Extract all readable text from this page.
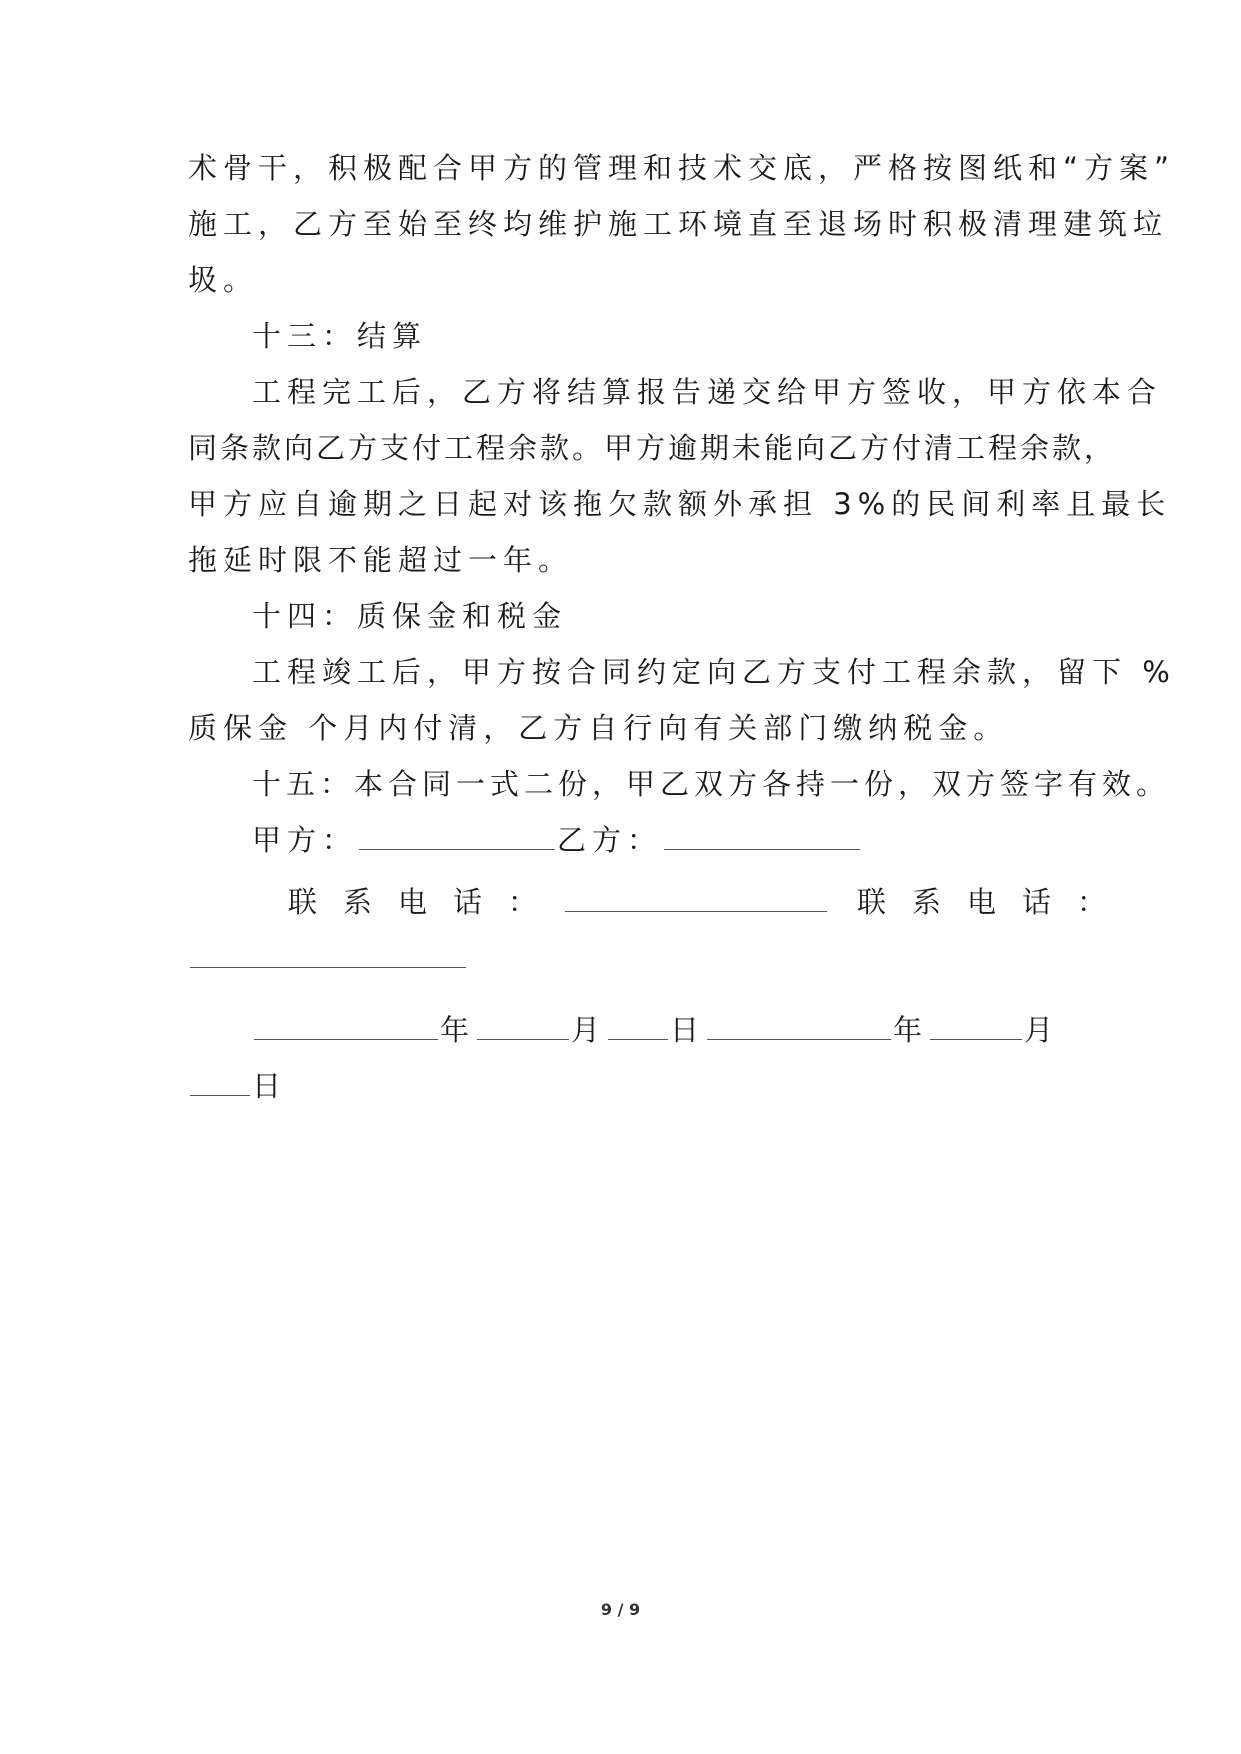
术骨干，积极配合甲方的管理和技术交底，严格按图纸和“方案”
施工，乙方至始至终均维护施工环境直至退场时积极清理建筑垃
圾。
十三：结算
工程完工后，乙方将结算报告递交给甲方签收，甲方依本合
同条款向乙方支付工程余款。甲方逾期未能向乙方付清工程余款，
甲方应自逾期之日起对该拖欠款额外承担 3%的民间利率且最长
拖延时限不能超过一年。
十四：质保金和税金
工程竣工后，甲方按合同约定向乙方支付工程余款，留下 %
质保金 个月内付清，乙方自行向有关部门缴纳税金。
十五：本合同一式二份，甲乙双方各持一份，双方签字有效。
甲方：	乙方：
联系电话：	联系电话：
年	月 日	年	月
日
9 / 9
